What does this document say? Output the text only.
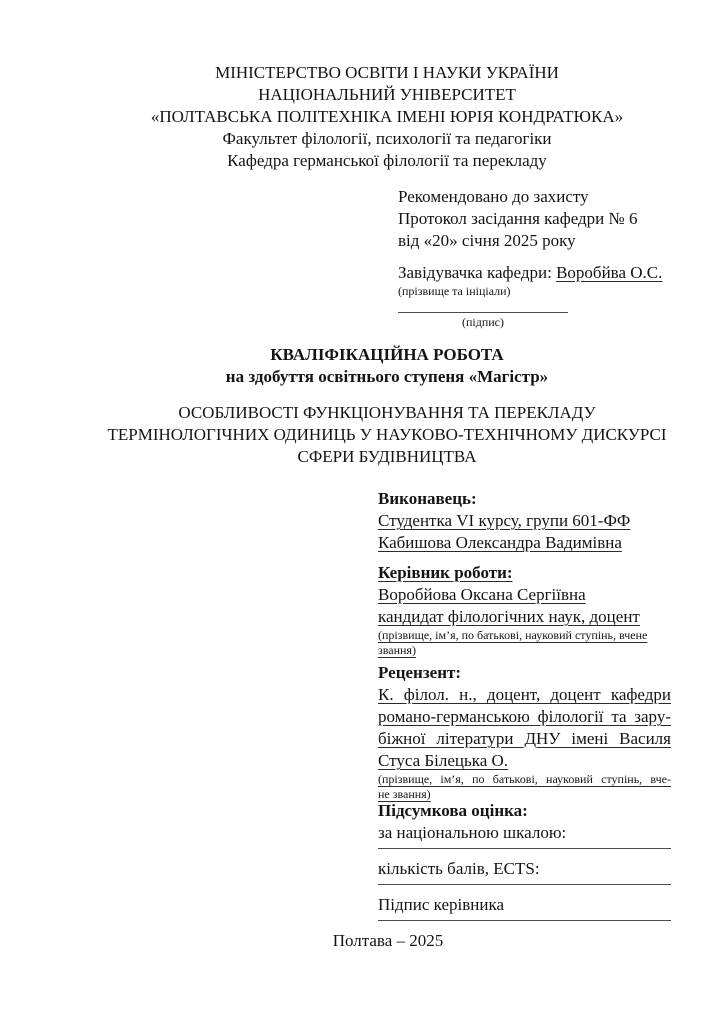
МІНІСТЕРСТВО ОСВІТИ І НАУКИ УКРАЇНИ
НАЦІОНАЛЬНИЙ УНІВЕРСИТЕТ
«ПОЛТАВСЬКА ПОЛІТЕХНІКА ІМЕНІ ЮРІЯ КОНДРАТЮКА»
Факультет філології, психології та педагогіки
Кафедра германської філології та перекладу
Рекомендовано до захисту
Протокол засідання кафедри № 6
від «20» січня 2025 року
Завідувачка кафедри: Воробйва О.С.
(прізвище та ініціали)
(підпис)
КВАЛІФІКАЦІЙНА РОБОТА
на здобуття освітнього ступеня «Магістр»
ОСОБЛИВОСТІ ФУНКЦІОНУВАННЯ ТА ПЕРЕКЛАДУ
ТЕРМІНОЛОГІЧНИХ ОДИНИЦЬ У НАУКОВО-ТЕХНІЧНОМУ ДИСКУРСІ
СФЕРИ БУДІВНИЦТВА
Виконавець:
Студентка VI курсу, групи 601-ФФ
Кабишова Олександра Вадимівна
Керівник роботи:
Воробйова Оксана Сергіївна
кандидат філологічних наук, доцент
(прізвище, ім’я, по батькові, науковий ступінь, вчене
звання)
Рецензент:
К. філол. н., доцент, доцент кафедри
романо-германською філології та зару-
біжної літератури ДНУ імені Василя
Стуса Білецька О.
(прізвище, ім’я, по батькові, науковий ступінь, вче-
не звання)
Підсумкова оцінка:
за національною шкалою:
кількість балів, ECTS:
Підпис керівника
Полтава – 2025
